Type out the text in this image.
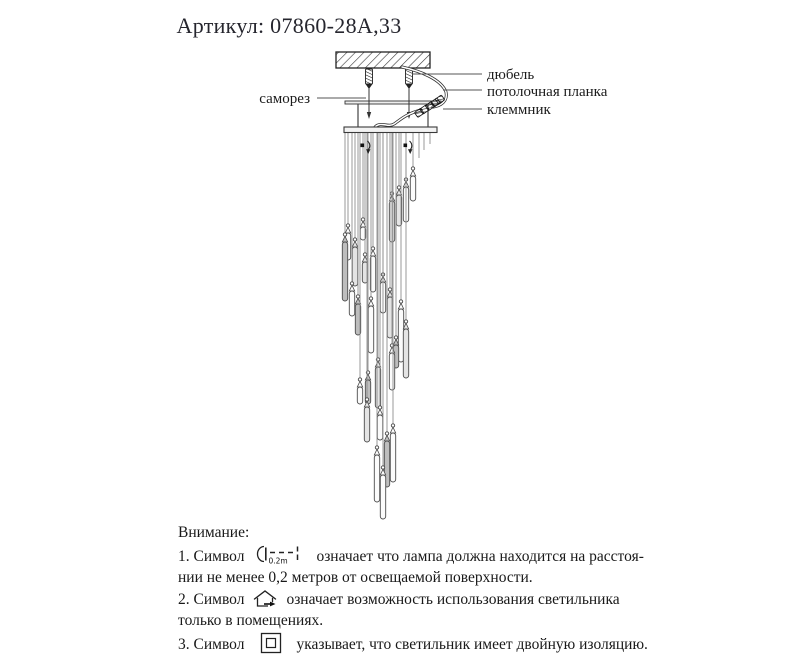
Артикул: 07860-28А,33
саморез
дюбель
потолочная планка
клеммник

Внимание:

1. Символ	0.2m означает что лампа должна находится на расстоя-

нии не менее 0,2 метров от освещаемой поверхности.

2. Символ	означает возможность использования светильника

только в помещениях.

3. Символ	указывает, что светильник имеет двойную изоляцию.
